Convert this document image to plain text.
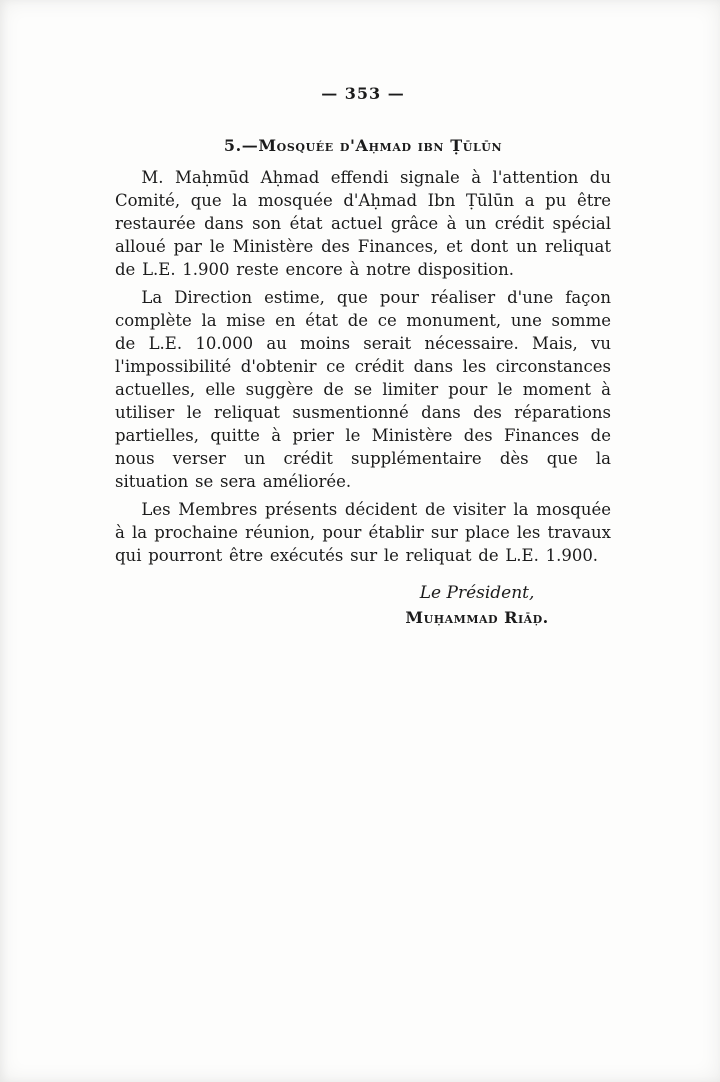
— 353 —
5.—Mosquée d'Aḥmad ibn Ṭūlūn

M. Maḥmūd Aḥmad effendi signale à l'attention du Comité, que la mosquée d'Aḥmad Ibn Ṭūlūn a pu être restaurée dans son état actuel grâce à un crédit spécial alloué par le Ministère des Finances, et dont un reliquat de L.E. 1.900 reste encore à notre disposition.

La Direction estime, que pour réaliser d'une façon complète la mise en état de ce monument, une somme de L.E. 10.000 au moins serait nécessaire. Mais, vu l'impossibilité d'obtenir ce crédit dans les circonstances actuelles, elle suggère de se limiter pour le moment à utiliser le reliquat susmentionné dans des réparations partielles, quitte à prier le Ministère des Finances de nous verser un crédit supplémentaire dès que la situation se sera améliorée.

Les Membres présents décident de visiter la mosquée à la prochaine réunion, pour établir sur place les travaux qui pourront être exécutés sur le reliquat de L.E. 1.900.

Le Président,

Muḥammad Riāḍ.
